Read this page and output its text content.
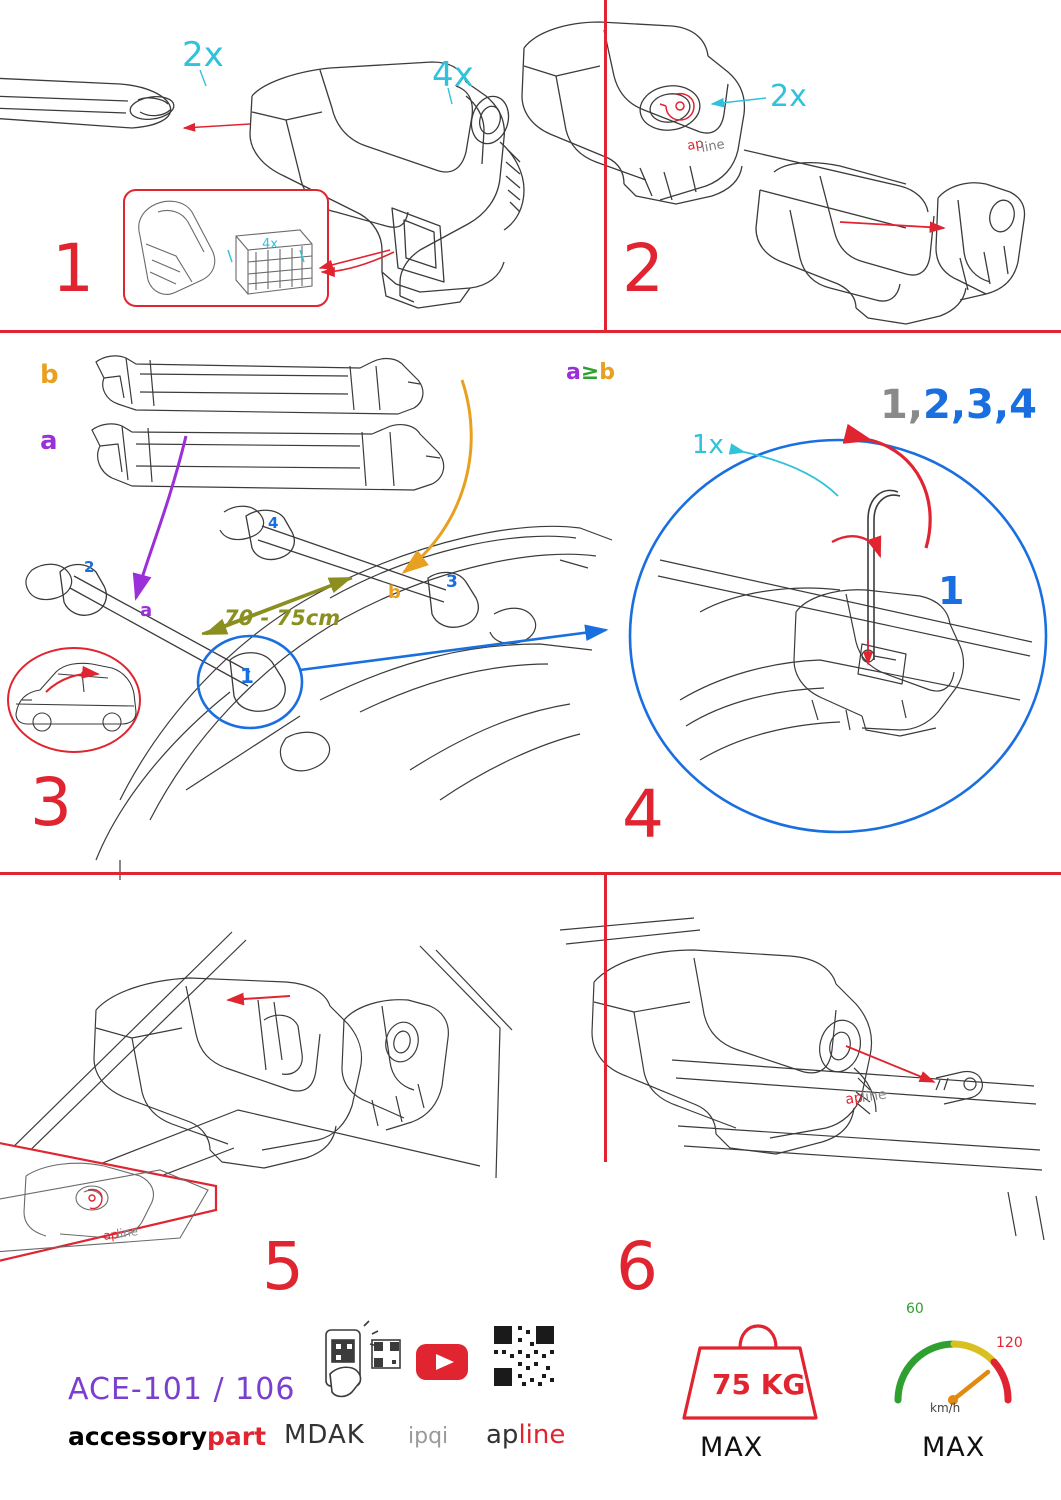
ap
line
ap
line
ap
line
1	2
3	4
5	6
2x	4x
4x
2x
1x
b
a
a
b
70 - 75cm
1
2
3
4
a≥b
1,2,3,4
1
ACE-101 / 106
accessorypart MDAK ipqi apline
75 KG
MAX	MAX
60
120
km/h
